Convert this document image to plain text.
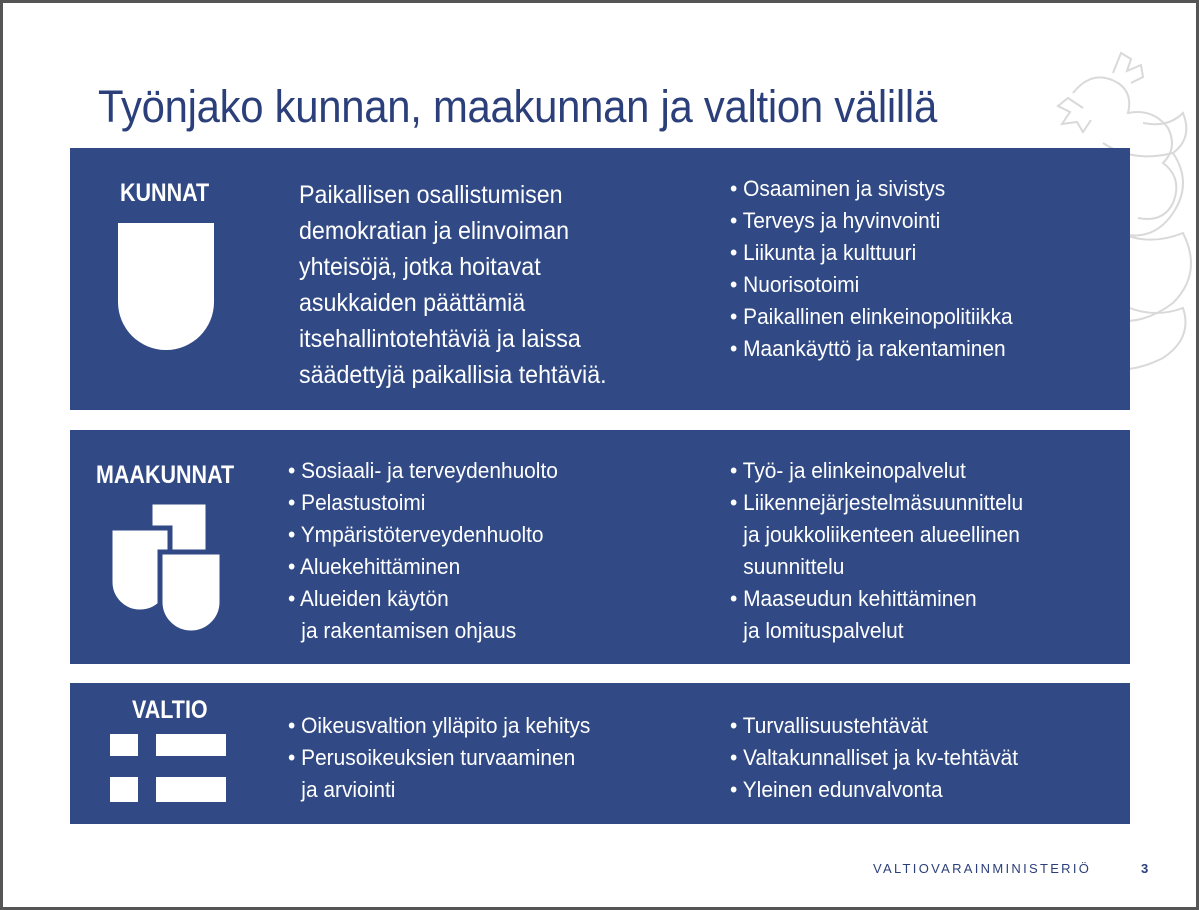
Työnjako kunnan, maakunnan ja valtion välillä
KUNNAT	Paikallisen osallistumisen
demokratian ja elinvoiman
yhteisöjä, jotka hoitavat
asukkaiden päättämiä
itsehallintotehtäviä ja laissa
säädettyjä paikallisia tehtäviä.
• Osaaminen ja sivistys
• Terveys ja hyvinvointi
• Liikunta ja kulttuuri
• Nuorisotoimi
• Paikallinen elinkeinopolitiikka
• Maankäyttö ja rakentaminen
MAAKUNNAT • Sosiaali- ja terveydenhuolto
• Pelastustoimi
• Ympäristöterveydenhuolto
• Aluekehittäminen
• Alueiden käytön
ja rakentamisen ohjaus
• Työ- ja elinkeinopalvelut
• Liikennejärjestelmäsuunnittelu
ja joukkoliikenteen alueellinen
suunnittelu
• Maaseudun kehittäminen
ja lomituspalvelut
VALTIO
• Oikeusvaltion ylläpito ja kehitys
• Perusoikeuksien turvaaminen
ja arviointi
• Turvallisuustehtävät
• Valtakunnalliset ja kv-tehtävät
• Yleinen edunvalvonta
VALTIOVARAINMINISTERIÖ	3
